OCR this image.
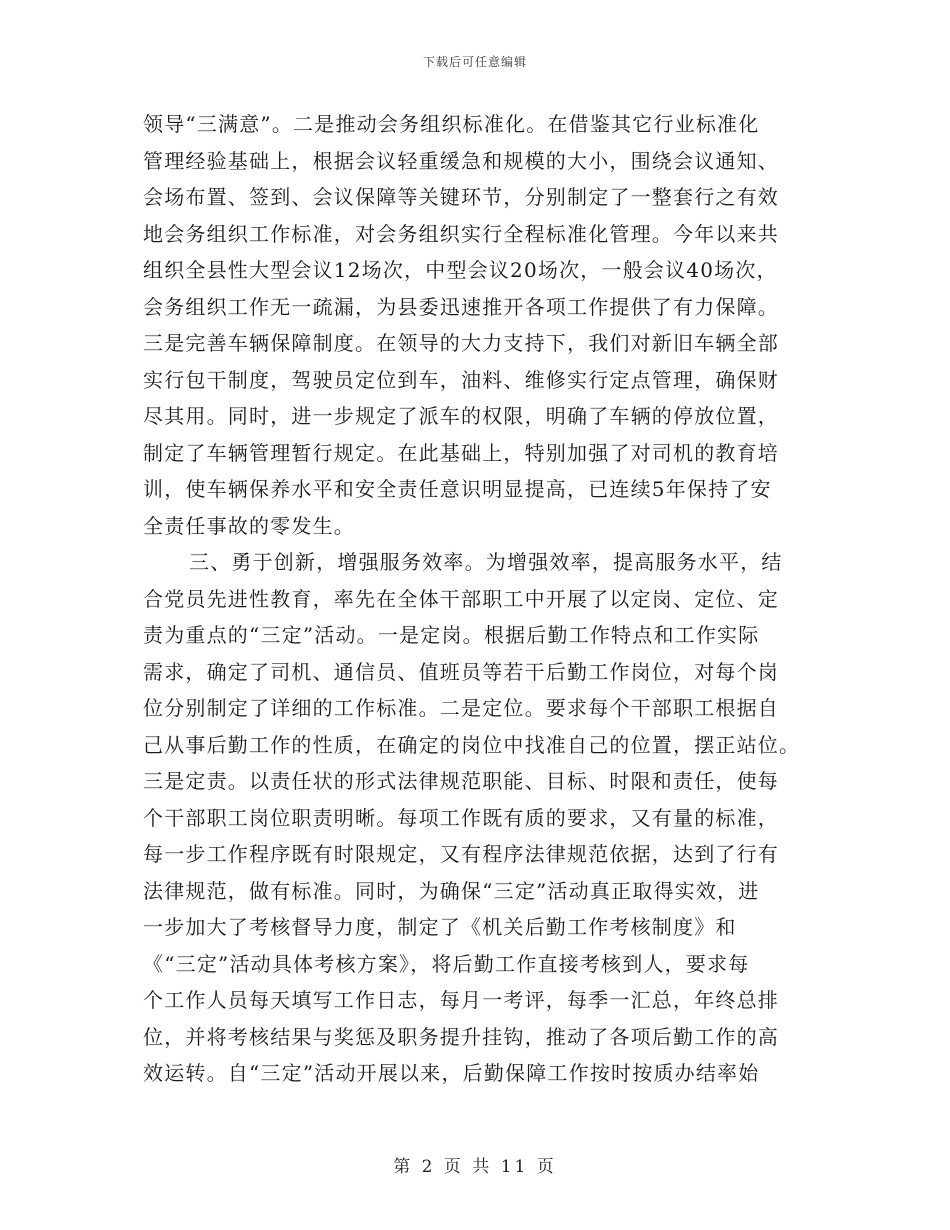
下载后可任意编辑
领导“三满意”。二是推动会务组织标准化。在借鉴其它行业标准化
管理经验基础上，根据会议轻重缓急和规模的大小，围绕会议通知、
会场布置、签到、会议保障等关键环节，分别制定了一整套行之有效
地会务组织工作标准，对会务组织实行全程标准化管理。今年以来共
组织全县性大型会议12场次，中型会议20场次，一般会议40场次，
会务组织工作无一疏漏，为县委迅速推开各项工作提供了有力保障。
三是完善车辆保障制度。在领导的大力支持下，我们对新旧车辆全部
实行包干制度，驾驶员定位到车，油料、维修实行定点管理，确保财
尽其用。同时，进一步规定了派车的权限，明确了车辆的停放位置，
制定了车辆管理暂行规定。在此基础上，特别加强了对司机的教育培
训，使车辆保养水平和安全责任意识明显提高，已连续5年保持了安
全责任事故的零发生。
三、勇于创新，增强服务效率。为增强效率，提高服务水平，结
合党员先进性教育，率先在全体干部职工中开展了以定岗、定位、定
责为重点的“三定”活动。一是定岗。根据后勤工作特点和工作实际
需求，确定了司机、通信员、值班员等若干后勤工作岗位，对每个岗
位分别制定了详细的工作标准。二是定位。要求每个干部职工根据自
己从事后勤工作的性质，在确定的岗位中找准自己的位置，摆正站位。
三是定责。以责任状的形式法律规范职能、目标、时限和责任，使每
个干部职工岗位职责明晰。每项工作既有质的要求，又有量的标准，
每一步工作程序既有时限规定，又有程序法律规范依据，达到了行有
法律规范，做有标准。同时，为确保“三定”活动真正取得实效，进
一步加大了考核督导力度，制定了《机关后勤工作考核制度》和
《“三定”活动具体考核方案》，将后勤工作直接考核到人，要求每
个工作人员每天填写工作日志，每月一考评，每季一汇总，年终总排
位，并将考核结果与奖惩及职务提升挂钩，推动了各项后勤工作的高
效运转。自“三定”活动开展以来，后勤保障工作按时按质办结率始
第 2 页 共 11 页
